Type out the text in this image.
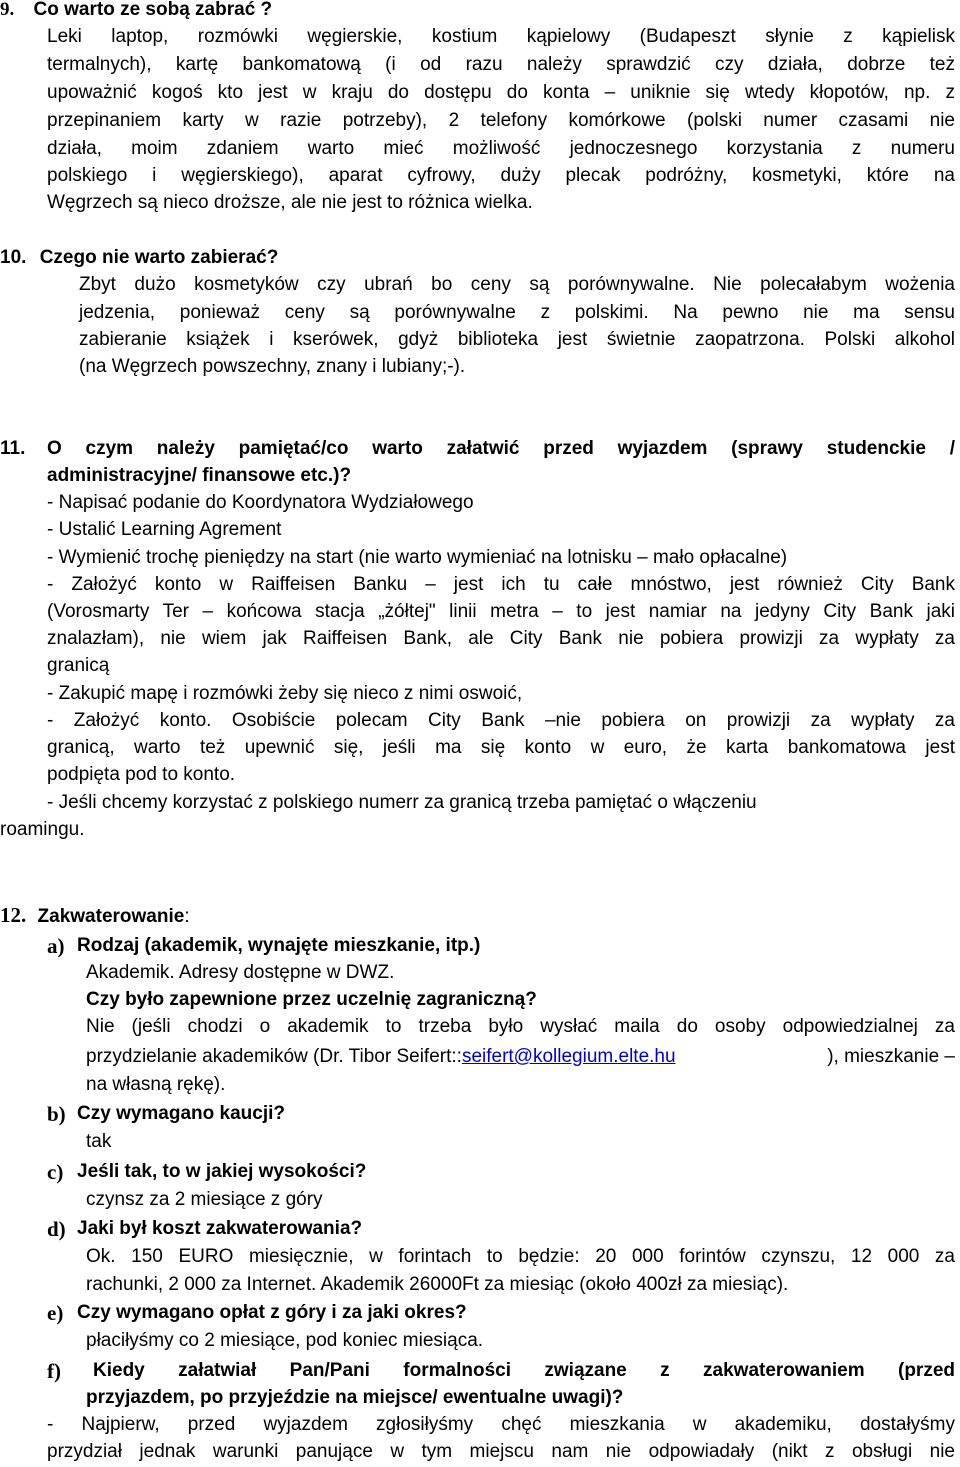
9. Co warto ze sobą zabrać ?
Leki laptop, rozmówki węgierskie, kostium kąpielowy (Budapeszt słynie z kąpielisk
termalnych), kartę bankomatową (i od razu należy sprawdzić czy działa, dobrze też
upoważnić kogoś kto jest w kraju do dostępu do konta – uniknie się wtedy kłopotów, np. z
przepinaniem karty w razie potrzeby), 2 telefony komórkowe (polski numer czasami nie
działa, moim zdaniem warto mieć możliwość jednoczesnego korzystania z numeru
polskiego i węgierskiego), aparat cyfrowy, duży plecak podróżny, kosmetyki, które na
Węgrzech są nieco droższe, ale nie jest to różnica wielka.
10. Czego nie warto zabierać?
Zbyt dużo kosmetyków czy ubrań bo ceny są porównywalne. Nie polecałabym wożenia
jedzenia, ponieważ ceny są porównywalne z polskimi. Na pewno nie ma sensu
zabieranie książek i kserówek, gdyż biblioteka jest świetnie zaopatrzona. Polski alkohol
(na Węgrzech powszechny, znany i lubiany;-).
11. O czym należy pamiętać/co warto załatwić przed wyjazdem (sprawy studenckie /
administracyjne/ finansowe etc.)?
- Napisać podanie do Koordynatora Wydziałowego
- Ustalić Learning Agrement
- Wymienić trochę pieniędzy na start (nie warto wymieniać na lotnisku – mało opłacalne)
- Założyć konto w Raiffeisen Banku – jest ich tu całe mnóstwo, jest również City Bank
(Vorosmarty Ter – końcowa stacja „żółtej" linii metra – to jest namiar na jedyny City Bank jaki
znalazłam), nie wiem jak Raiffeisen Bank, ale City Bank nie pobiera prowizji za wypłaty za
granicą
- Zakupić mapę i rozmówki żeby się nieco z nimi oswoić,
- Założyć konto. Osobiście polecam City Bank –nie pobiera on prowizji za wypłaty za
granicą, warto też upewnić się, jeśli ma się konto w euro, że karta bankomatowa jest
podpięta pod to konto.
- Jeśli chcemy korzystać z polskiego numerr za granicą trzeba pamiętać o włączeniu
roamingu.
12. Zakwaterowanie:
a) Rodzaj (akademik, wynajęte mieszkanie, itp.)
Akademik. Adresy dostępne w DWZ.
Czy było zapewnione przez uczelnię zagraniczną?
Nie (jeśli chodzi o akademik to trzeba było wysłać maila do osoby odpowiedzialnej za
przydzielanie akademików (Dr. Tibor Seifert:: seifert@kollegium.elte.hu	), mieszkanie –
na własną rękę).
b) Czy wymagano kaucji?
tak
c) Jeśli tak, to w jakiej wysokości?
czynsz za 2 miesiące z góry
d) Jaki był koszt zakwaterowania?
Ok. 150 EURO miesięcznie, w forintach to będzie: 20 000 forintów czynszu, 12 000 za
rachunki, 2 000 za Internet. Akademik 26000Ft za miesiąc (około 400zł za miesiąc).
e) Czy wymagano opłat z góry i za jaki okres?
płaciłyśmy co 2 miesiące, pod koniec miesiąca.
f) Kiedy załatwiał Pan/Pani formalności związane z zakwaterowaniem (przed
przyjazdem, po przyjeździe na miejsce/ ewentualne uwagi)?
- Najpierw, przed wyjazdem zgłosiłyśmy chęć mieszkania w akademiku, dostałyśmy
przydział jednak warunki panujące w tym miejscu nam nie odpowiadały (nikt z obsługi nie
